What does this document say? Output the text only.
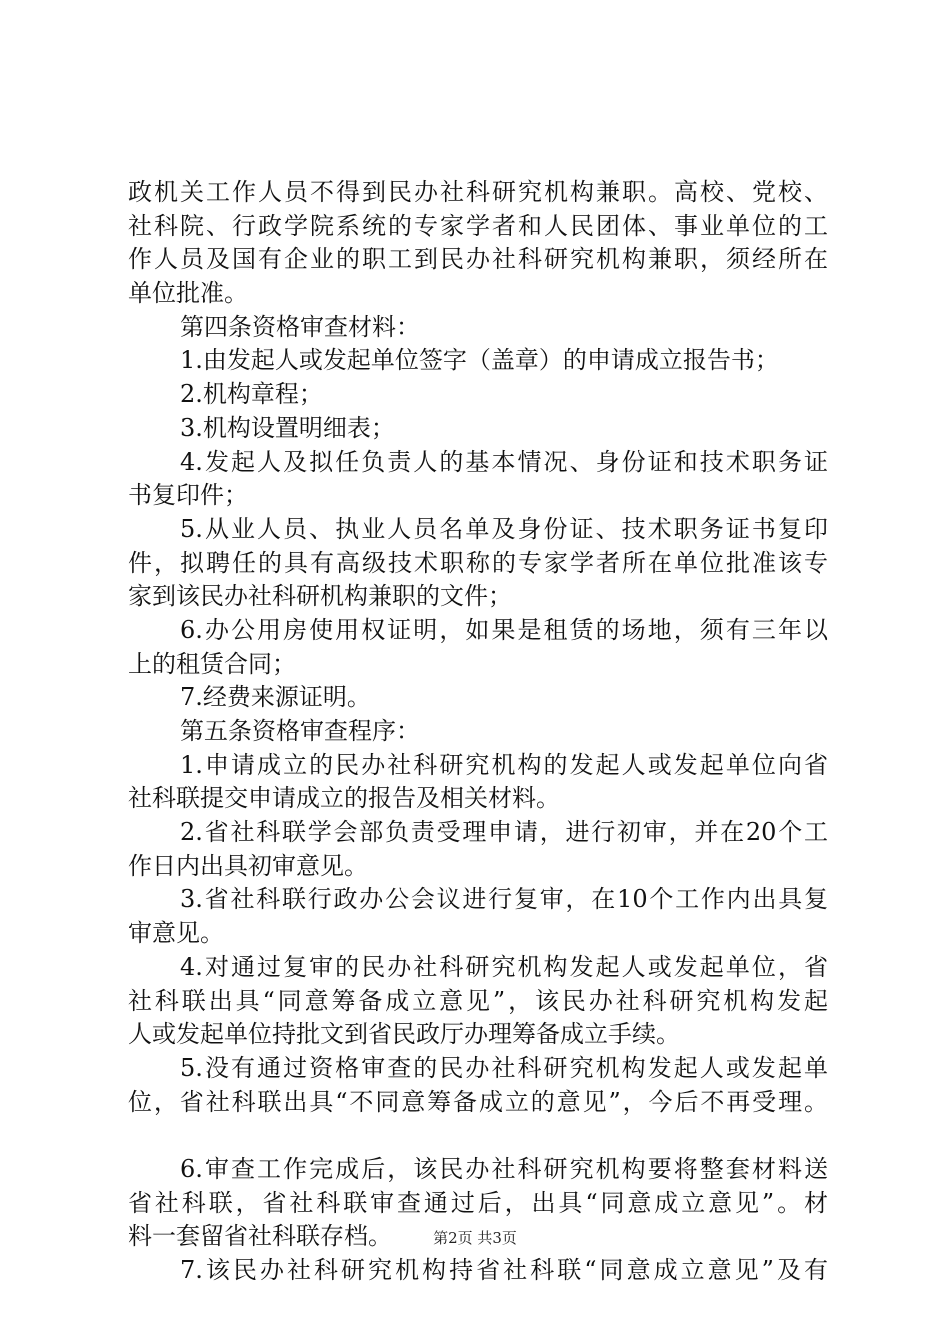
政机关工作人员不得到民办社科研究机构兼职。高校、党校、
社科院、行政学院系统的专家学者和人民团体、事业单位的工
作人员及国有企业的职工到民办社科研究机构兼职，须经所在
单位批准。
第四条资格审查材料：
1.由发起人或发起单位签字（盖章）的申请成立报告书；
2.机构章程；
3.机构设置明细表；
4.发起人及拟任负责人的基本情况、身份证和技术职务证
书复印件；
5.从业人员、执业人员名单及身份证、技术职务证书复印
件，拟聘任的具有高级技术职称的专家学者所在单位批准该专
家到该民办社科研机构兼职的文件；
6.办公用房使用权证明，如果是租赁的场地，须有三年以
上的租赁合同；
7.经费来源证明。
第五条资格审查程序：
1.申请成立的民办社科研究机构的发起人或发起单位向省
社科联提交申请成立的报告及相关材料。
2.省社科联学会部负责受理申请，进行初审，并在20个工
作日内出具初审意见。
3.省社科联行政办公会议进行复审，在10个工作内出具复
审意见。
4.对通过复审的民办社科研究机构发起人或发起单位，省
社科联出具“同意筹备成立意见”，该民办社科研究机构发起
人或发起单位持批文到省民政厅办理筹备成立手续。
5.没有通过资格审查的民办社科研究机构发起人或发起单
位，省社科联出具“不同意筹备成立的意见”，今后不再受理。
6.审查工作完成后，该民办社科研究机构要将整套材料送
省社科联，省社科联审查通过后，出具“同意成立意见”。材
料一套留省社科联存档。
7.该民办社科研究机构持省社科联“同意成立意见”及有
第2页 共3页
